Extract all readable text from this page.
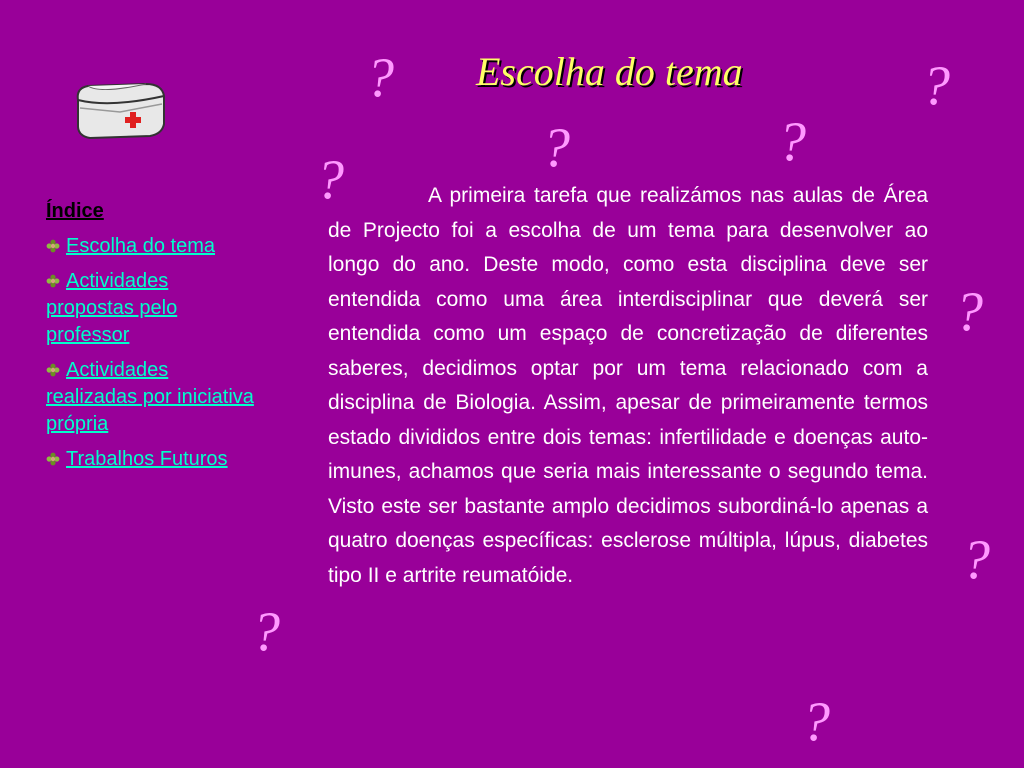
Escolha do tema
?	?
?	?
?
?
?
?
?
Índice
Escolha do tema
Actividades propostas pelo professor
Actividades realizadas por iniciativa própria
Trabalhos Futuros

A primeira tarefa que realizámos nas aulas de Área de Projecto foi a escolha de um tema para desenvolver ao longo do ano. Deste modo, como esta disciplina deve ser entendida como uma área interdisciplinar que deverá ser entendida como um espaço de concretização de diferentes saberes, decidimos optar por um tema relacionado com a disciplina de Biologia. Assim, apesar de primeiramente termos estado divididos entre dois temas: infertilidade e doenças auto-imunes, achamos que seria mais interessante o segundo tema. Visto este ser bastante amplo decidimos subordiná-lo apenas a quatro doenças específicas: esclerose múltipla, lúpus, diabetes tipo II e artrite reumatóide.
